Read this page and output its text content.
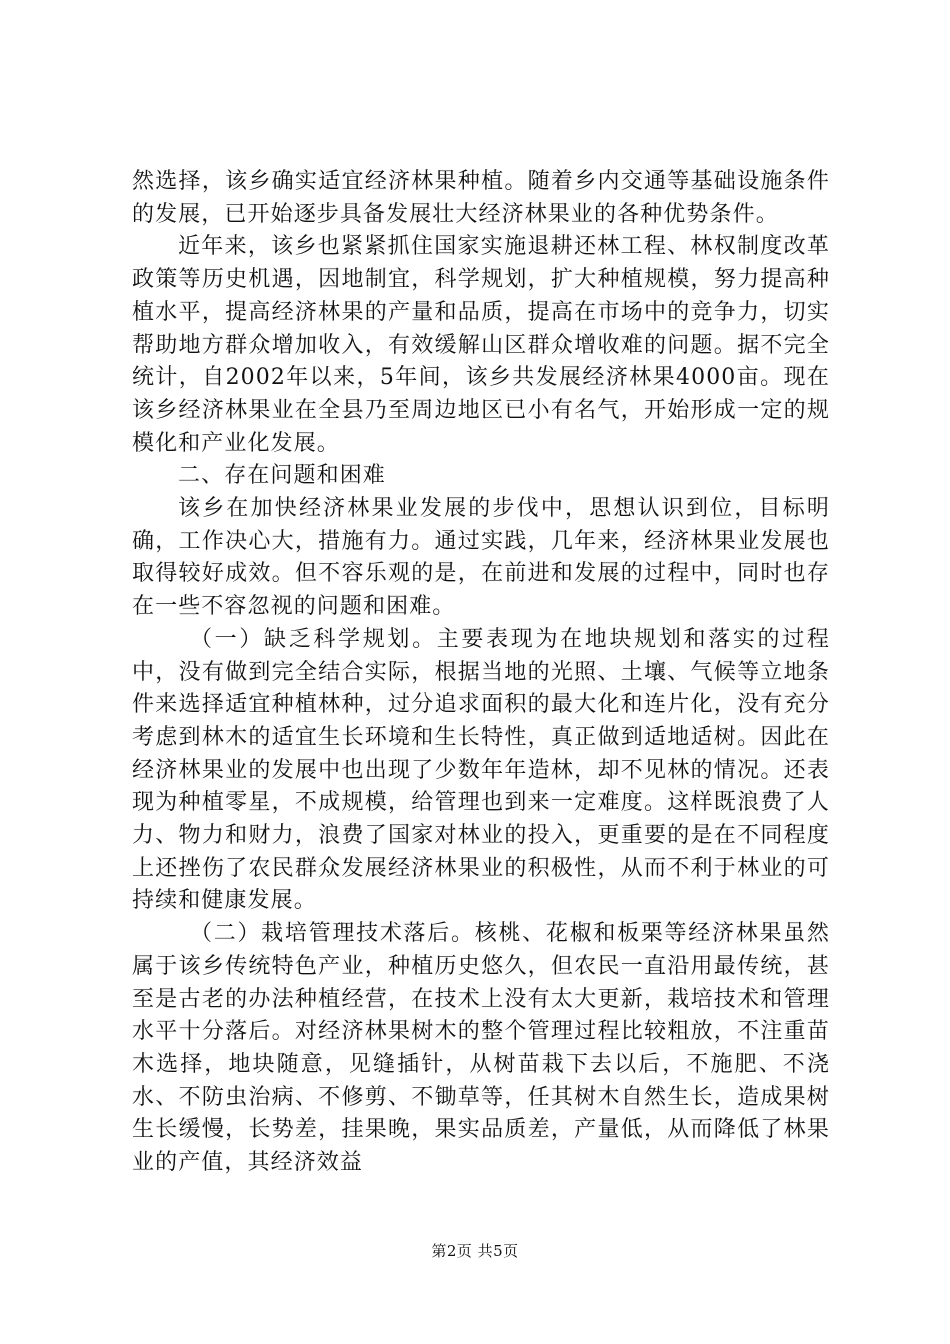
然选择，该乡确实适宜经济林果种植。随着乡内交通等基础设施条件的发展，已开始逐步具备发展壮大经济林果业的各种优势条件。

近年来，该乡也紧紧抓住国家实施退耕还林工程、林权制度改革政策等历史机遇，因地制宜，科学规划，扩大种植规模，努力提高种植水平，提高经济林果的产量和品质，提高在市场中的竞争力，切实帮助地方群众增加收入，有效缓解山区群众增收难的问题。据不完全统计，自2002年以来，5年间，该乡共发展经济林果4000亩。现在该乡经济林果业在全县乃至周边地区已小有名气，开始形成一定的规模化和产业化发展。

二、存在问题和困难

该乡在加快经济林果业发展的步伐中，思想认识到位，目标明确，工作决心大，措施有力。通过实践，几年来，经济林果业发展也取得较好成效。但不容乐观的是，在前进和发展的过程中，同时也存在一些不容忽视的问题和困难。

（一）缺乏科学规划。主要表现为在地块规划和落实的过程中，没有做到完全结合实际，根据当地的光照、土壤、气候等立地条件来选择适宜种植林种，过分追求面积的最大化和连片化，没有充分考虑到林木的适宜生长环境和生长特性，真正做到适地适树。因此在经济林果业的发展中也出现了少数年年造林，却不见林的情况。还表现为种植零星，不成规模，给管理也到来一定难度。这样既浪费了人力、物力和财力，浪费了国家对林业的投入，更重要的是在不同程度上还挫伤了农民群众发展经济林果业的积极性，从而不利于林业的可持续和健康发展。

（二）栽培管理技术落后。核桃、花椒和板栗等经济林果虽然属于该乡传统特色产业，种植历史悠久，但农民一直沿用最传统，甚至是古老的办法种植经营，在技术上没有太大更新，栽培技术和管理水平十分落后。对经济林果树木的整个管理过程比较粗放，不注重苗木选择，地块随意，见缝插针，从树苗栽下去以后，不施肥、不浇水、不防虫治病、不修剪、不锄草等，任其树木自然生长，造成果树生长缓慢，长势差，挂果晚，果实品质差，产量低，从而降低了林果业的产值，其经济效益

第2页 共5页
